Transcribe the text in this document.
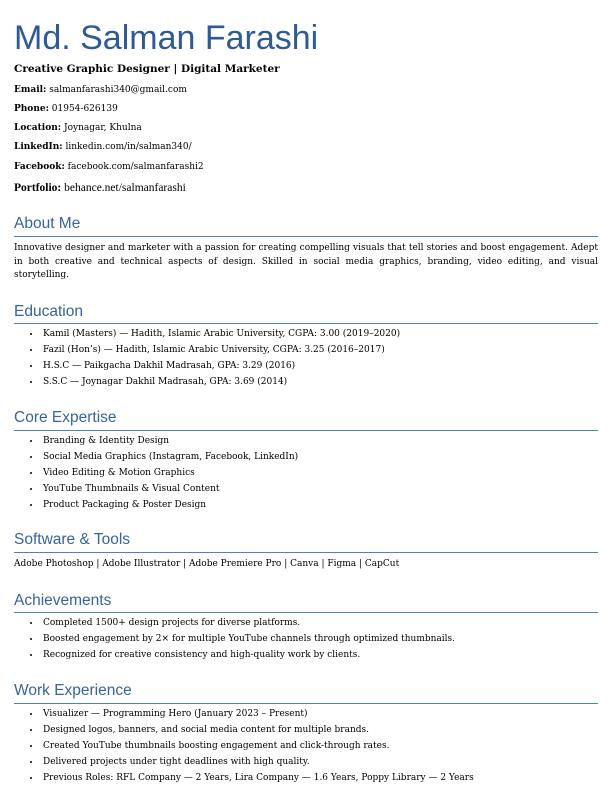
Md. Salman Farashi
Creative Graphic Designer | Digital Marketer

Email: salmanfarashi340@gmail.com

Phone: 01954-626139

Location: Joynagar, Khulna

LinkedIn: linkedin.com/in/salman340/

Facebook: facebook.com/salmanfarashi2

Portfolio: behance.net/salmanfarashi

About Me

Innovative designer and marketer with a passion for creating compelling visuals that tell stories and boost engagement. Adept in both creative and technical aspects of design. Skilled in social media graphics, branding, video editing, and visual storytelling.

Education
• Kamil (Masters) — Hadith, Islamic Arabic University, CGPA: 3.00 (2019–2020)
• Fazil (Hon’s) — Hadith, Islamic Arabic University, CGPA: 3.25 (2016–2017)
• H.S.C — Paikgacha Dakhil Madrasah, GPA: 3.29 (2016)
• S.S.C — Joynagar Dakhil Madrasah, GPA: 3.69 (2014)
Core Expertise
• Branding & Identity Design
• Social Media Graphics (Instagram, Facebook, LinkedIn)
• Video Editing & Motion Graphics
• YouTube Thumbnails & Visual Content
• Product Packaging & Poster Design
Software & Tools

Adobe Photoshop | Adobe Illustrator | Adobe Premiere Pro | Canva | Figma | CapCut

Achievements
• Completed 1500+ design projects for diverse platforms.
• Boosted engagement by 2× for multiple YouTube channels through optimized thumbnails.
• Recognized for creative consistency and high-quality work by clients.
Work Experience
• Visualizer — Programming Hero (January 2023 – Present)
• Designed logos, banners, and social media content for multiple brands.
• Created YouTube thumbnails boosting engagement and click-through rates.
• Delivered projects under tight deadlines with high quality.
• Previous Roles: RFL Company — 2 Years, Lira Company — 1.6 Years, Poppy Library — 2 Years
